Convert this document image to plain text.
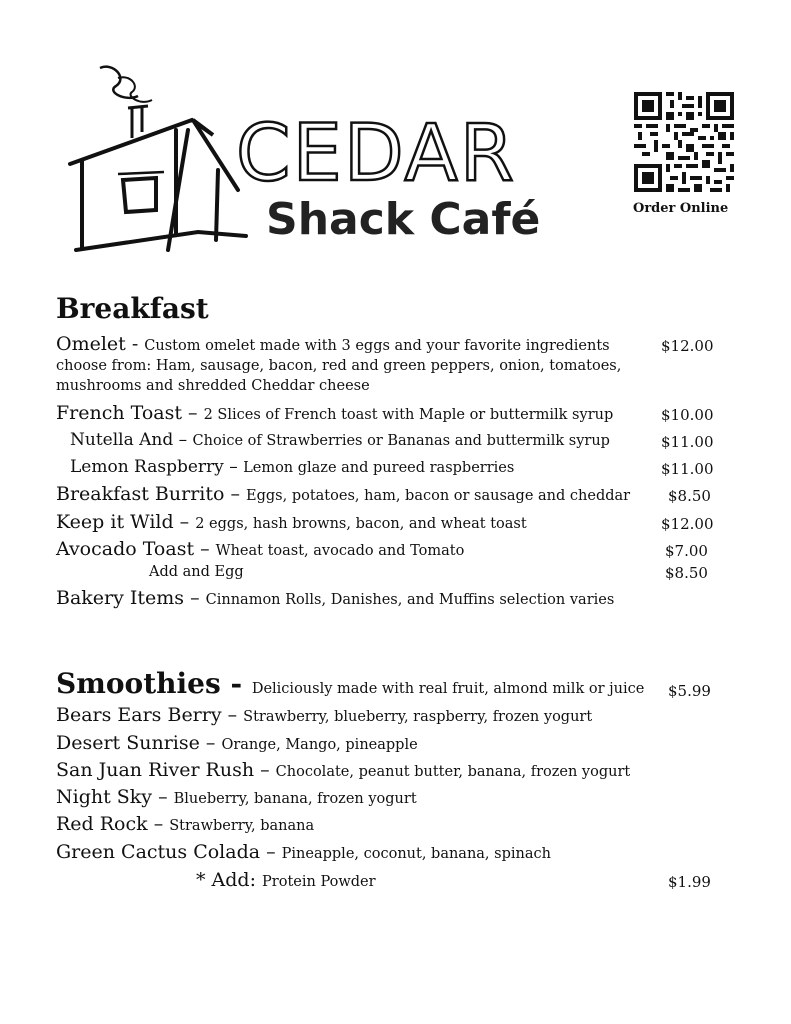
CEDAR
Shack Café	Order Online
Breakfast
Omelet - Custom omelet made with 3 eggs and your favorite ingredients	$12.00
choose from: Ham, sausage, bacon, red and green peppers, onion, tomatoes,
mushrooms and shredded Cheddar cheese
French Toast – 2 Slices of French toast with Maple or buttermilk syrup	$10.00
Nutella And – Choice of Strawberries or Bananas and buttermilk syrup	$11.00
Lemon Raspberry – Lemon glaze and pureed raspberries	$11.00
Breakfast Burrito – Eggs, potatoes, ham, bacon or sausage and cheddar	$8.50
Keep it Wild – 2 eggs, hash browns, bacon, and wheat toast	$12.00
Avocado Toast – Wheat toast, avocado and Tomato	$7.00
Add and Egg	$8.50
Bakery Items – Cinnamon Rolls, Danishes, and Muffins selection varies
Smoothies - Deliciously made with real fruit, almond milk or juice $5.99
Bears Ears Berry – Strawberry, blueberry, raspberry, frozen yogurt
Desert Sunrise – Orange, Mango, pineapple
San Juan River Rush – Chocolate, peanut butter, banana, frozen yogurt
Night Sky – Blueberry, banana, frozen yogurt
Red Rock – Strawberry, banana
Green Cactus Colada – Pineapple, coconut, banana, spinach
* Add: Protein Powder	$1.99
